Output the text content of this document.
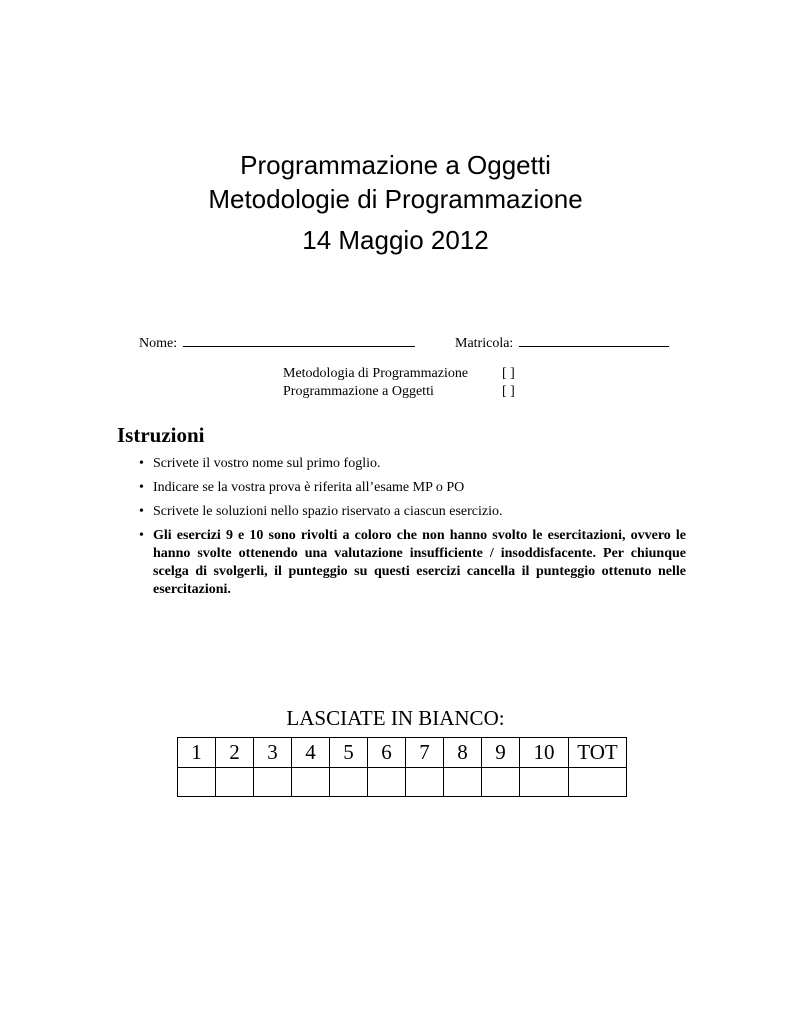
Programmazione a Oggetti
Metodologie di Programmazione
14 Maggio 2012
Nome:	Matricola:
Metodologia di Programmazione	[ ]
Programmazione a Oggetti	[ ]
Istruzioni
• Scrivete il vostro nome sul primo foglio.
• Indicare se la vostra prova è riferita all’esame MP o PO
• Scrivete le soluzioni nello spazio riservato a ciascun esercizio.
• Gli esercizi 9 e 10 sono rivolti a coloro che non hanno svolto le esercitazioni, ovvero le hanno svolte ottenendo una valutazione insufficiente / insoddisfacente. Per chiunque scelga di svolgerli, il punteggio su questi esercizi cancella il punteggio ottenuto nelle esercitazioni.
LASCIATE IN BIANCO:
1	2	3	4	5	6	7	8	9	10	TOT
